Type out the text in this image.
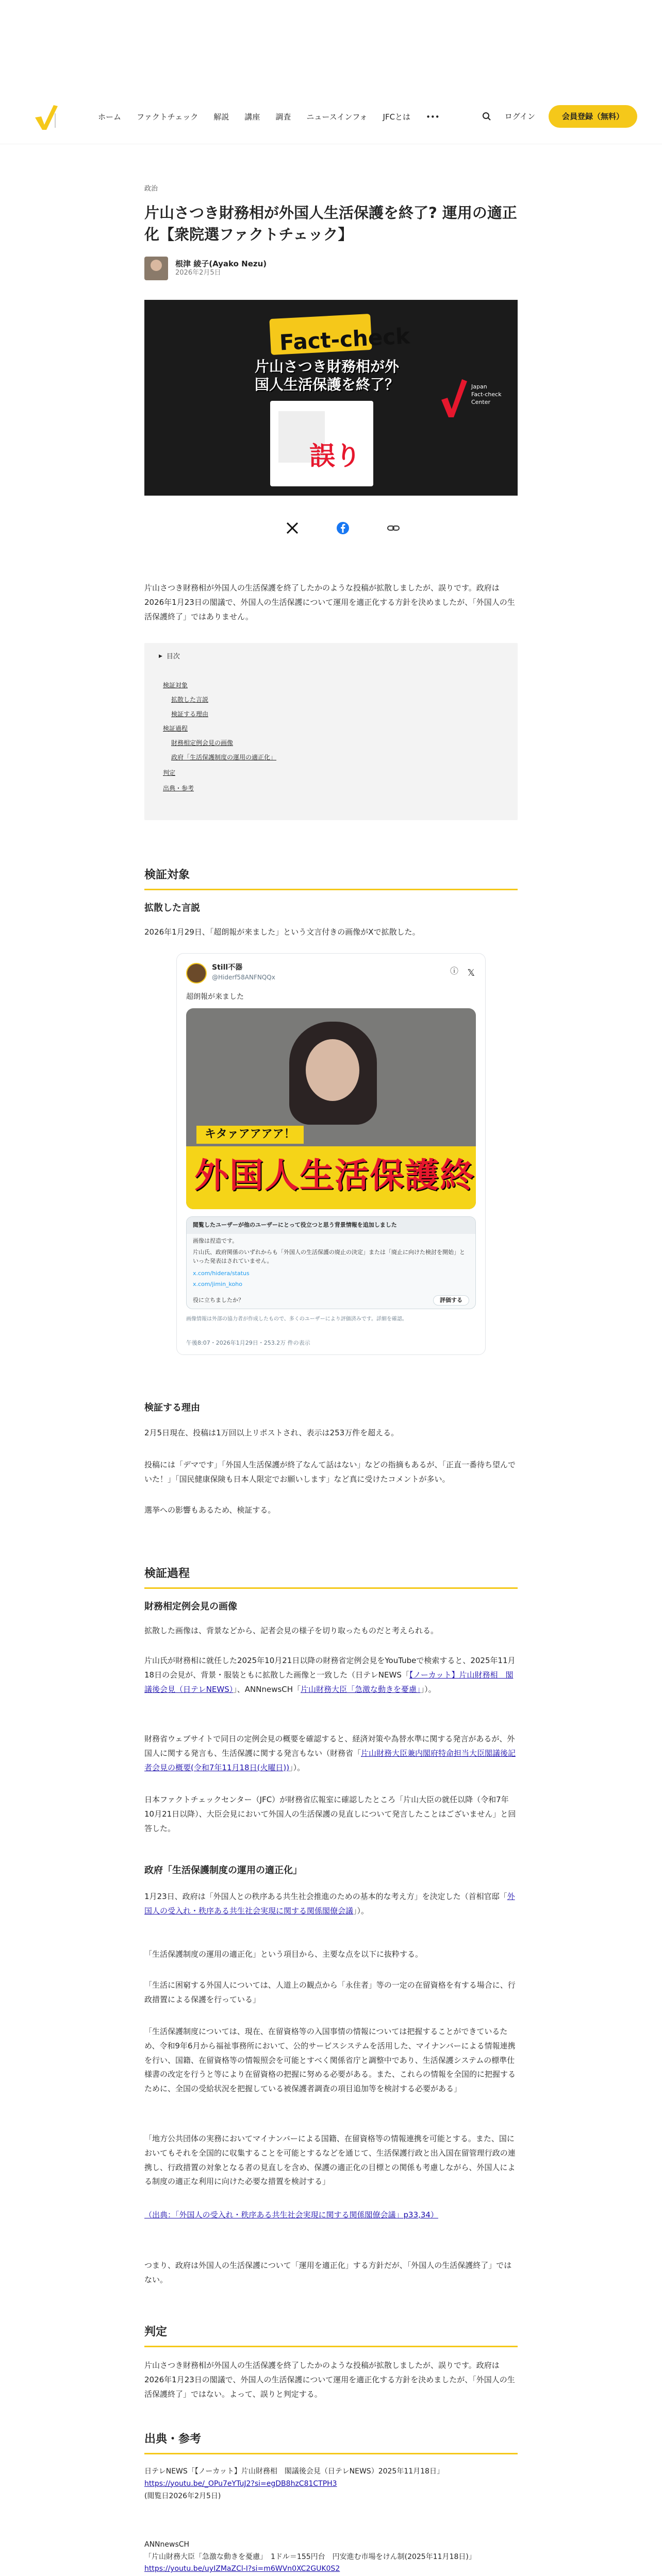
ホーム ファクトチェック 解説 講座 調査 ニュースインフォ JFCとは •••	ログイン	会員登録（無料）
政治
片山さつき財務相が外国人生活保護を終了? 運用の適正化【衆院選ファクトチェック】
根津 綾子(Ayako Nezu)
2026年2月5日
Fact-check
片山さつき財務相が外国人生活保護を終了？
誤り
Japan
Fact-check
Center

片山さつき財務相が外国人の生活保護を終了したかのような投稿が拡散しましたが、誤りです。政府は2026年1月23日の閣議で、外国人の生活保護について運用を適正化する方針を決めましたが、「外国人の生活保護終了」ではありません。

▶ 目次
検証対象
拡散した言説
検証する理由
検証過程
財務相定例会見の画像
政府「生活保護制度の運用の適正化」
判定
出典・参考
検証対象
拡散した言説

2026年1月29日、「超朗報が来ました」という文言付きの画像がXで拡散した。

Still不器
@Hiderf58ANFNQQx
ⓘ 𝕏
超朗報が来ました
キタァアアアア！
外国人生活保護終
閲覧したユーザーが他のユーザーにとって役立つと思う背景情報を追加しました
画像は捏造です。
片山氏、政府関係のいずれからも「外国人の生活保護の廃止の決定」または「廃止に向けた検討を開始」といった発表はされていません。
x.com/hidera/status
x.com/jimin_koho
役に立ちましたか？	評価する
画像情報は外部の協力者が作成したもので、多くのユーザーにより評価済みです。詳細を確認。
午後8:07・2026年1月29日・253.2万 件の表示
検証する理由

2月5日現在、投稿は1万回以上リポストされ、表示は253万件を超える。

投稿には「デマです」「外国人生活保護が終了なんて話はない」などの指摘もあるが、「正直一番待ち望んでいた！」「国民健康保険も日本人限定でお願いします」など真に受けたコメントが多い。

選挙への影響もあるため、検証する。

検証過程
財務相定例会見の画像

拡散した画像は、背景などから、記者会見の様子を切り取ったものだと考えられる。

片山氏が財務相に就任した2025年10月21日以降の財務省定例会見をYouTubeで検索すると、2025年11月18日の会見が、背景・服装ともに拡散した画像と一致した（日テレNEWS「【ノーカット】片山財務相　閣議後会見（日テレNEWS）」、ANNnewsCH「片山財務大臣「急激な動きを憂慮」」）。

財務省ウェブサイトで同日の定例会見の概要を確認すると、経済対策や為替水準に関する発言があるが、外国人に関する発言も、生活保護に関する発言もない（財務省「片山財務大臣兼内閣府特命担当大臣閣議後記者会見の概要(令和7年11月18日(火曜日))」）。

日本ファクトチェックセンター（JFC）が財務省広報室に確認したところ「片山大臣の就任以降（令和7年10月21日以降）、大臣会見において外国人の生活保護の見直しについて発言したことはございません」と回答した。

政府「生活保護制度の運用の適正化」

1月23日、政府は「外国人との秩序ある共生社会推進のための基本的な考え方」を決定した（首相官邸「外国人の受入れ・秩序ある共生社会実現に関する関係閣僚会議」）。

「生活保護制度の運用の適正化」という項目から、主要な点を以下に抜粋する。

「生活に困窮する外国人については、人道上の観点から「永住者」等の一定の在留資格を有する場合に、行政措置による保護を行っている」

「生活保護制度については、現在、在留資格等の入国事情の情報については把握することができているため、令和9年6月から福祉事務所において、公的サービスシステムを活用した、マイナンバーによる情報連携を行い、国籍、在留資格等の情報照会を可能とすべく関係省庁と調整中であり、生活保護システムの標準仕様書の改定を行うと等により在留資格の把握に努める必要がある。また、これらの情報を全国的に把握するために、全国の受給状況を把握している被保護者調査の項目追加等を検討する必要がある」

「地方公共団体の実務においてマイナンバーによる国籍、在留資格等の情報連携を可能とする。また、国においてもそれを全国的に収集することを可能とするなどを通じて、生活保護行政と出入国在留管理行政の連携し、行政措置の対象となる者の見直しを含め、保護の適正化の目標との関係も考慮しながら、外国人による制度の適正な利用に向けた必要な措置を検討する」

（出典：「外国人の受入れ・秩序ある共生社会実現に関する関係閣僚会議」p33,34）

つまり、政府は外国人の生活保護について「運用を適正化」する方針だが、「外国人の生活保護終了」ではない。

判定

片山さつき財務相が外国人の生活保護を終了したかのような投稿が拡散しましたが、誤りです。政府は2026年1月23日の閣議で、外国人の生活保護について運用を適正化する方針を決めましたが、「外国人の生活保護終了」ではない。よって、誤りと判定する。

出典・参考
日テレNEWS「【ノーカット】片山財務相　閣議後会見（日テレNEWS）2025年11月18日」
https://youtu.be/_OPu7eYTuJ2?si=egDB8hzC81CTPH3
(閲覧日2026年2月5日)

ANNnewsCH
「片山財務大臣「急激な動きを憂慮」　1ドル＝155円台　円安進む市場をけん制(2025年11月18日)」
https://youtu.be/uyIZMaZCl-I?si=m6WVn0XC2GUK0S2
